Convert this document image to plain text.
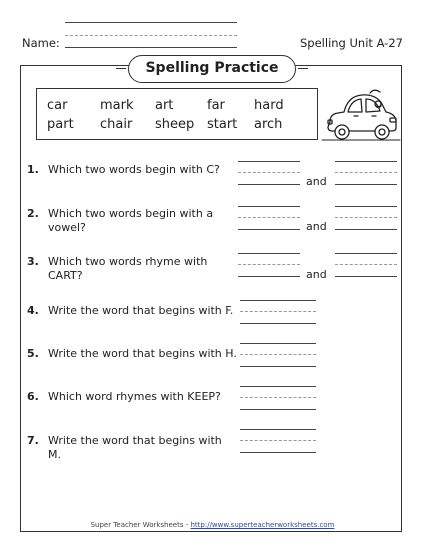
Name:	Spelling Unit A-27
Spelling Practice
car	mark art	far hard
part chair sheep start arch
1. Which two words begin with C?
and
2. Which two words begin with a vowel?	and
3. Which two words rhyme with CART?	and
4. Write the word that begins with F.
5. Write the word that begins with H.
6. Which word rhymes with KEEP?
7. Write the word that begins with M.
Super Teacher Worksheets - http://www.superteacherworksheets.com
